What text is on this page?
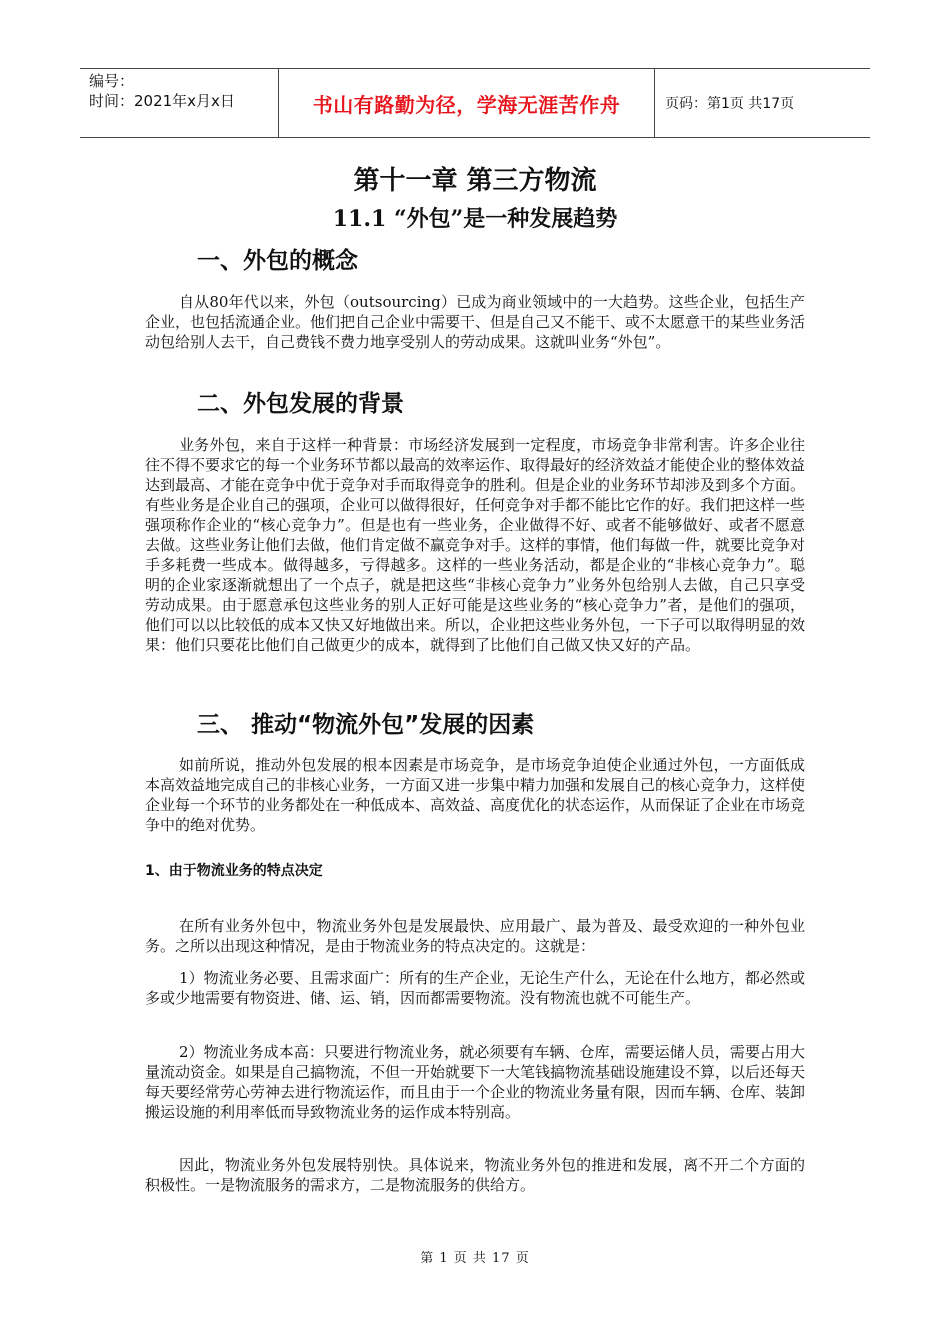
编号：
时间：2021年x月x日	书山有路勤为径，学海无涯苦作舟	页码：第1页 共17页
第十一章 第三方物流
11.1 “外包”是一种发展趋势
一、外包的概念
自从80年代以来，外包（outsourcing）已成为商业领域中的一大趋势。这些企业，包括生产企业，也包括流通企业。他们把自己企业中需要干、但是自己又不能干、或不太愿意干的某些业务活动包给别人去干，自己费钱不费力地享受别人的劳动成果。这就叫业务“外包”。
二、外包发展的背景
业务外包，来自于这样一种背景：市场经济发展到一定程度，市场竞争非常利害。许多企业往往不得不要求它的每一个业务环节都以最高的效率运作、取得最好的经济效益才能使企业的整体效益达到最高、才能在竞争中优于竞争对手而取得竞争的胜利。但是企业的业务环节却涉及到多个方面。有些业务是企业自己的强项，企业可以做得很好，任何竞争对手都不能比它作的好。我们把这样一些强项称作企业的“核心竞争力”。但是也有一些业务，企业做得不好、或者不能够做好、或者不愿意去做。这些业务让他们去做，他们肯定做不赢竞争对手。这样的事情，他们每做一件，就要比竞争对手多耗费一些成本。做得越多，亏得越多。这样的一些业务活动，都是企业的“非核心竞争力”。聪明的企业家逐渐就想出了一个点子，就是把这些“非核心竞争力”业务外包给别人去做，自己只享受劳动成果。由于愿意承包这些业务的别人正好可能是这些业务的“核心竞争力”者，是他们的强项，他们可以以比较低的成本又快又好地做出来。所以，企业把这些业务外包，一下子可以取得明显的效果：他们只要花比他们自己做更少的成本，就得到了比他们自己做又快又好的产品。
三、 推动“物流外包”发展的因素
如前所说，推动外包发展的根本因素是市场竞争，是市场竞争迫使企业通过外包，一方面低成本高效益地完成自己的非核心业务，一方面又进一步集中精力加强和发展自己的核心竞争力，这样使企业每一个环节的业务都处在一种低成本、高效益、高度优化的状态运作，从而保证了企业在市场竞争中的绝对优势。
1、由于物流业务的特点决定
在所有业务外包中，物流业务外包是发展最快、应用最广、最为普及、最受欢迎的一种外包业务。之所以出现这种情况，是由于物流业务的特点决定的。这就是：
1）物流业务必要、且需求面广：所有的生产企业，无论生产什么，无论在什么地方，都必然或多或少地需要有物资进、储、运、销，因而都需要物流。没有物流也就不可能生产。
2）物流业务成本高：只要进行物流业务，就必须要有车辆、仓库，需要运储人员，需要占用大量流动资金。如果是自己搞物流，不但一开始就要下一大笔钱搞物流基础设施建设不算，以后还每天每天要经常劳心劳神去进行物流运作，而且由于一个企业的物流业务量有限，因而车辆、仓库、装卸搬运设施的利用率低而导致物流业务的运作成本特别高。
因此，物流业务外包发展特别快。具体说来，物流业务外包的推进和发展，离不开二个方面的积极性。一是物流服务的需求方，二是物流服务的供给方。
第 1 页 共 17 页
